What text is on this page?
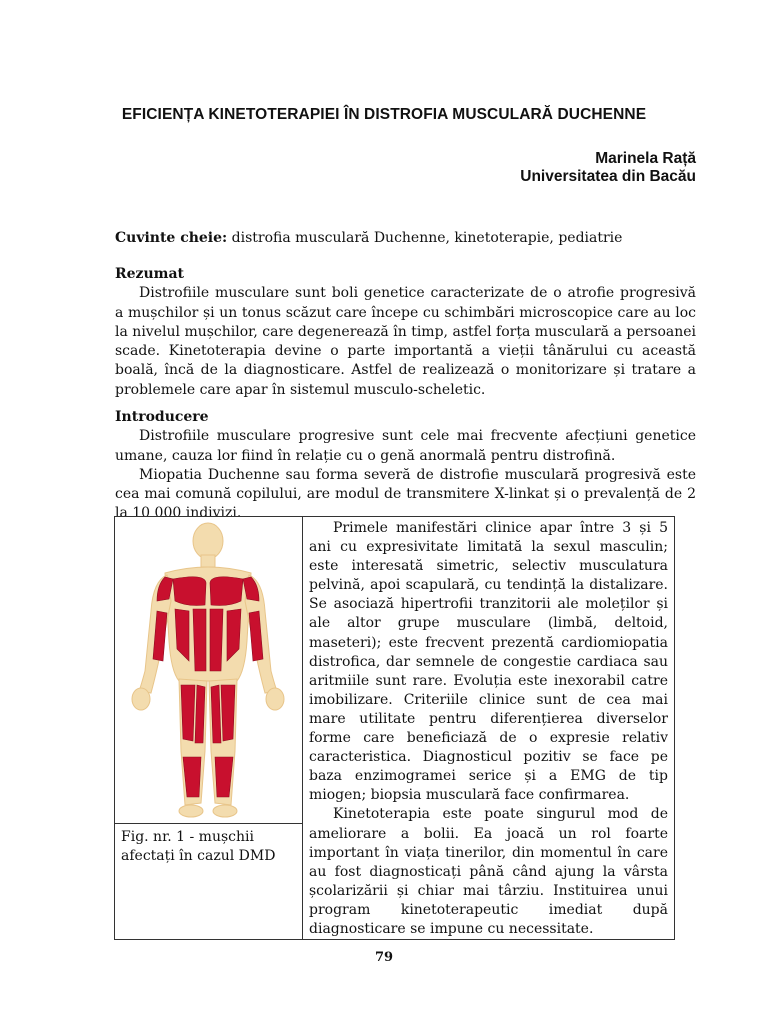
EFICIENȚA KINETOTERAPIEI ÎN DISTROFIA MUSCULARĂ DUCHENNE
Marinela Rață
Universitatea din Bacău
Cuvinte cheie: distrofia musculară Duchenne, kinetoterapie, pediatrie
Rezumat
Distrofiile musculare sunt boli genetice caracterizate de o atrofie progresivă a mușchilor și un tonus scăzut care începe cu schimbări microscopice care au loc la nivelul mușchilor, care degenerează în timp, astfel forța musculară a persoanei scade. Kinetoterapia devine o parte importantă a vieții tânărului cu această boală, încă de la diagnosticare. Astfel de realizează o monitorizare și tratare a problemele care apar în sistemul musculo-scheletic.
Introducere
Distrofiile musculare progresive sunt cele mai frecvente afecțiuni genetice umane, cauza lor fiind în relație cu o genă anormală pentru distrofină.
Miopatia Duchenne sau forma severă de distrofie musculară progresivă este cea mai comună copilului, are modul de transmitere X-linkat și o prevalență de 2 la 10 000 indivizi.
Fig. nr. 1 - mușchii afectați în cazul DMD

Primele manifestări clinice apar între 3 și 5 ani cu expresivitate limitată la sexul masculin; este interesată simetric, selectiv musculatura pelvină, apoi scapulară, cu tendință la distalizare. Se asociază hipertrofii tranzitorii ale moleților și ale altor grupe musculare (limbă, deltoid, maseteri); este frecvent prezentă cardiomiopatia distrofica, dar semnele de congestie cardiaca sau aritmiile sunt rare. Evoluția este inexorabil catre imobilizare. Criteriile clinice sunt de cea mai mare utilitate pentru diferențierea diverselor forme care beneficiază de o expresie relativ caracteristica. Diagnosticul pozitiv se face pe baza enzimogramei serice și a EMG de tip miogen; biopsia musculară face confirmarea.
Kinetoterapia este poate singurul mod de ameliorare a bolii. Ea joacă un rol foarte important în viața tinerilor, din momentul în care au fost diagnosticați până când ajung la vârsta școlarizării și chiar mai târziu. Instituirea unui program kinetoterapeutic imediat după diagnosticare se impune cu necessitate.
79
